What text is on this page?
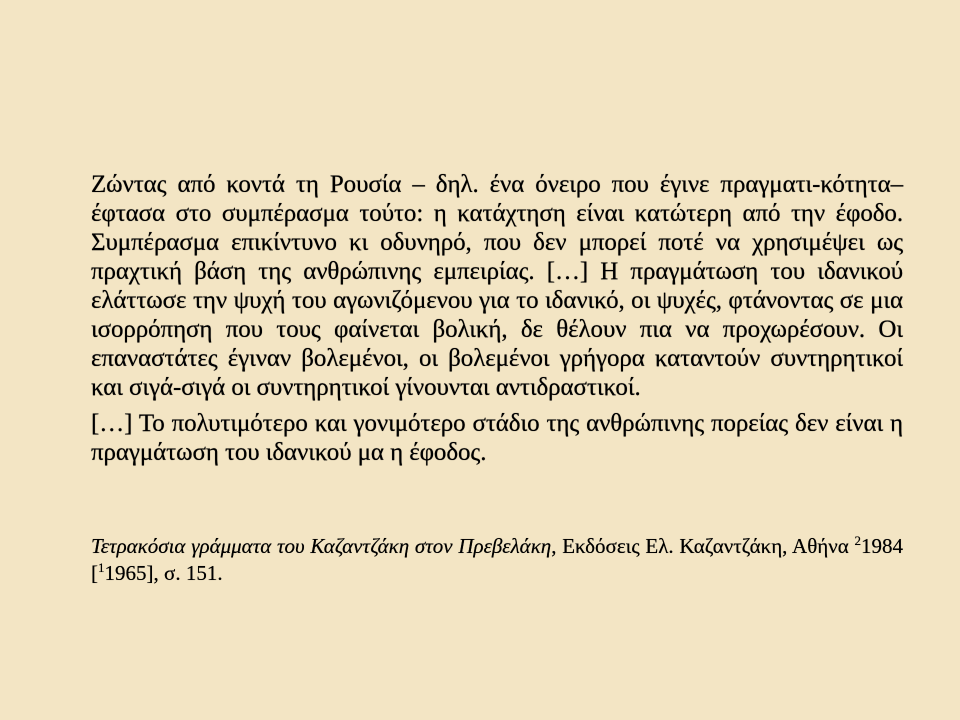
Ζώντας από κοντά τη Ρουσία – δηλ. ένα όνειρο που έγινε πραγματι-κότητα– έφτασα στο συμπέρασμα τούτο: η κατάχτηση είναι κατώτερη από την έφοδο. Συμπέρασμα επικίντυνο κι οδυνηρό, που δεν μπορεί ποτέ να χρησιμέψει ως πραχτική βάση της ανθρώπινης εμπειρίας. […] Η πραγμάτωση του ιδανικού ελάττωσε την ψυχή του αγωνιζόμενου για το ιδανικό, οι ψυχές, φτάνοντας σε μια ισορρόπηση που τους φαίνεται βολική, δε θέλουν πια να προχωρέσουν. Οι επαναστάτες έγιναν βολεμένοι, οι βολεμένοι γρήγορα καταντούν συντηρητικοί και σιγά-σιγά οι συντηρητικοί γίνουνται αντιδραστικοί.

[…] Το πολυτιμότερο και γονιμότερο στάδιο της ανθρώπινης πορείας δεν είναι η πραγμάτωση του ιδανικού μα η έφοδος.

Τετρακόσια γράμματα του Καζαντζάκη στον Πρεβελάκη, Εκδόσεις Ελ. Καζαντζάκη, Αθήνα $^2$1984 [$^1$1965], σ. 151.
